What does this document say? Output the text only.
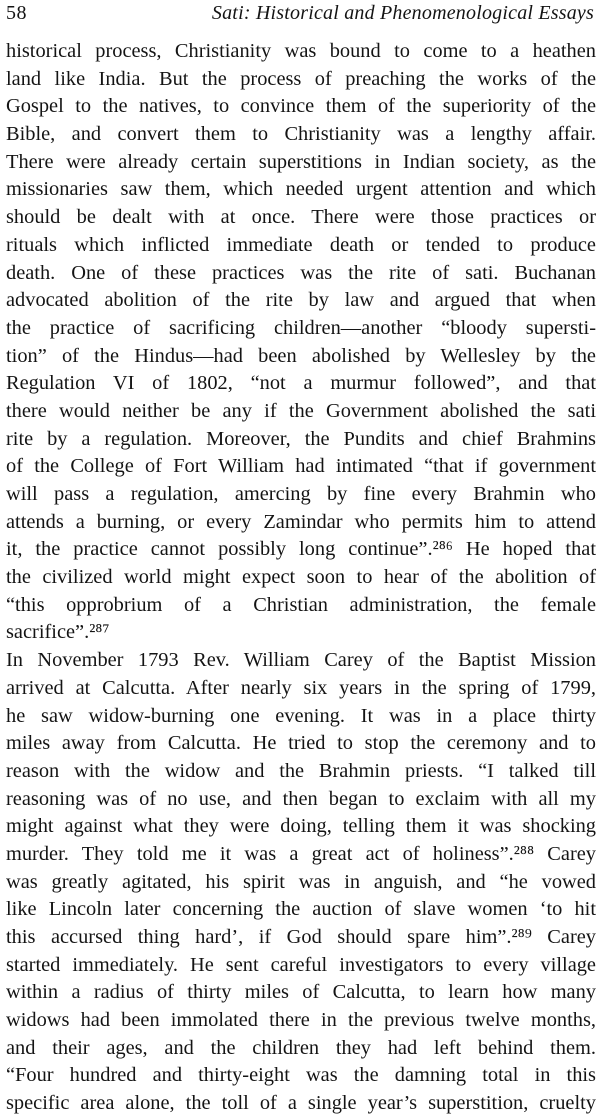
58	Sati: Historical and Phenomenological Essays
historical process, Christianity was bound to come to a heathen
land like India. But the process of preaching the works of the
Gospel to the natives, to convince them of the superiority of the
Bible, and convert them to Christianity was a lengthy affair.
There were already certain superstitions in Indian society, as the
missionaries saw them, which needed urgent attention and which
should be dealt with at once. There were those practices or
rituals which inflicted immediate death or tended to produce
death. One of these practices was the rite of sati. Buchanan
advocated abolition of the rite by law and argued that when
the practice of sacrificing children—another “bloody supersti-
tion” of the Hindus—had been abolished by Wellesley by the
Regulation VI of 1802, “not a murmur followed”, and that
there would neither be any if the Government abolished the sati
rite by a regulation. Moreover, the Pundits and chief Brahmins
of the College of Fort William had intimated “that if government
will pass a regulation, amercing by fine every Brahmin who
attends a burning, or every Zamindar who permits him to attend
it, the practice cannot possibly long continue”.²⁸⁶ He hoped that
the civilized world might expect soon to hear of the abolition of
“this opprobrium of a Christian administration, the female
sacrifice”.²⁸⁷
In November 1793 Rev. William Carey of the Baptist Mission
arrived at Calcutta. After nearly six years in the spring of 1799,
he saw widow-burning one evening. It was in a place thirty
miles away from Calcutta. He tried to stop the ceremony and to
reason with the widow and the Brahmin priests. “I talked till
reasoning was of no use, and then began to exclaim with all my
might against what they were doing, telling them it was shocking
murder. They told me it was a great act of holiness”.²⁸⁸ Carey
was greatly agitated, his spirit was in anguish, and “he vowed
like Lincoln later concerning the auction of slave women ‘to hit
this accursed thing hard’, if God should spare him”.²⁸⁹ Carey
started immediately. He sent careful investigators to every village
within a radius of thirty miles of Calcutta, to learn how many
widows had been immolated there in the previous twelve months,
and their ages, and the children they had left behind them.
“Four hundred and thirty-eight was the damning total in this
specific area alone, the toll of a single year’s superstition, cruelty
